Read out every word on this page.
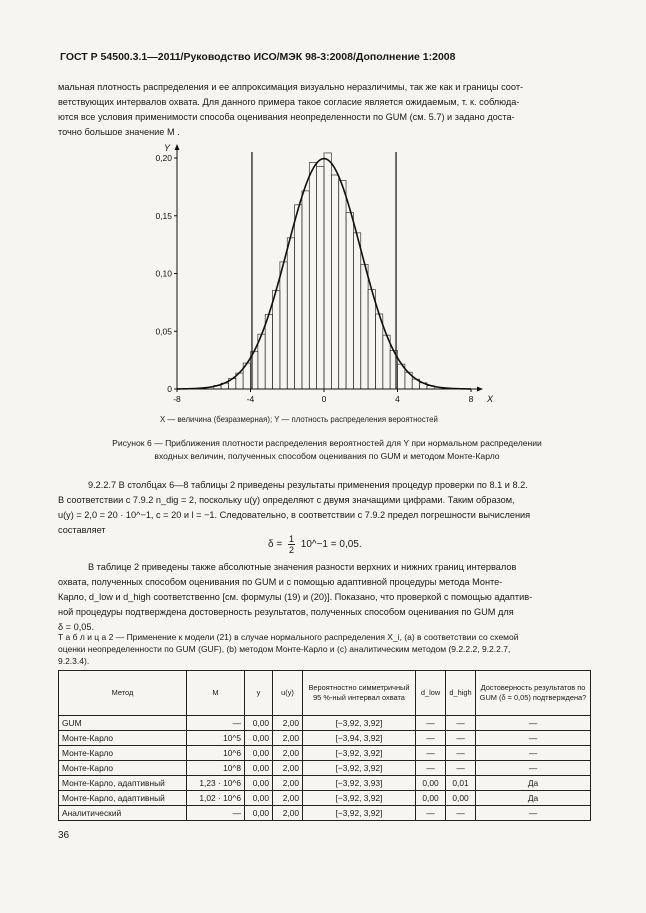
ГОСТ Р 54500.3.1—2011/Руководство ИСО/МЭК 98-3:2008/Дополнение 1:2008
мальная плотность распределения и ее аппроксимация визуально неразличимы, так же как и границы соот-
ветствующих интервалов охвата. Для данного примера такое согласие является ожидаемым, т. к. соблюда-
ются все условия применимости способа оценивания неопределенности по GUM (см. 5.7) и задано доста-
точно большое значение M .
0
0,05
0,10
0,15
0,20
-8	-4	0	4	8 X
Y
X — величина (безразмерная); Y — плотность распределения вероятностей
Рисунок 6 — Приближения плотности распределения вероятностей для Y при нормальном распределении
входных величин, полученных способом оценивания по GUM и методом Монте-Карло
9.2.2.7 В столбцах 6—8 таблицы 2 приведены результаты применения процедур проверки по 8.1 и 8.2.
В соответствии с 7.9.2 n_dig = 2, поскольку u(y) определяют с двумя значащими цифрами. Таким образом,
u(y) = 2,0 = 20 · 10^−1, c = 20 и l = −1. Следовательно, в соответствии с 7.9.2 предел погрешности вычисления
составляет
$\delta = \frac{1}{2}$ 10^−1 = 0,05.
В таблице 2 приведены также абсолютные значения разности верхних и нижних границ интервалов
охвата, полученных способом оценивания по GUM и с помощью адаптивной процедуры метода Монте-
Карло, d_low и d_high соответственно [см. формулы (19) и (20)]. Показано, что проверкой с помощью адаптив-
ной процедуры подтверждена достоверность результатов, полученных способом оценивания по GUM для
δ = 0,05.
Т а б л и ц а 2 — Применение к модели (21) в случае нормального распределения X_i, (a) в соответствии со схемой
оценки неопределенности по GUM (GUF), (b) методом Монте-Карло и (c) аналитическим методом (9.2.2.2, 9.2.2.7,
9.2.3.4).
Метод	M	y	u(y)	Вероятностно симметричный 95 %-ный интервал охвата	d_low	d_high	Достоверность результатов по GUM (δ = 0,05) подтверждена?
GUM	—	0,00	2,00	[−3,92, 3,92]	—	—	—
Монте-Карло	10^5	0,00	2,00	[−3,94, 3,92]	—	—	—
Монте-Карло	10^6	0,00	2,00	[−3,92, 3,92]	—	—	—
Монте-Карло	10^8	0,00	2,00	[−3,92, 3,92]	—	—	—
Монте-Карло, адаптивный	1,23 · 10^6	0,00	2,00	[−3,92, 3,93]	0,00	0,01	Да
Монте-Карло, адаптивный	1,02 · 10^6	0,00	2,00	[−3,92, 3,92]	0,00	0,00	Да
Аналитический	—	0,00	2,00	[−3,92, 3,92]	—	—	—
36
